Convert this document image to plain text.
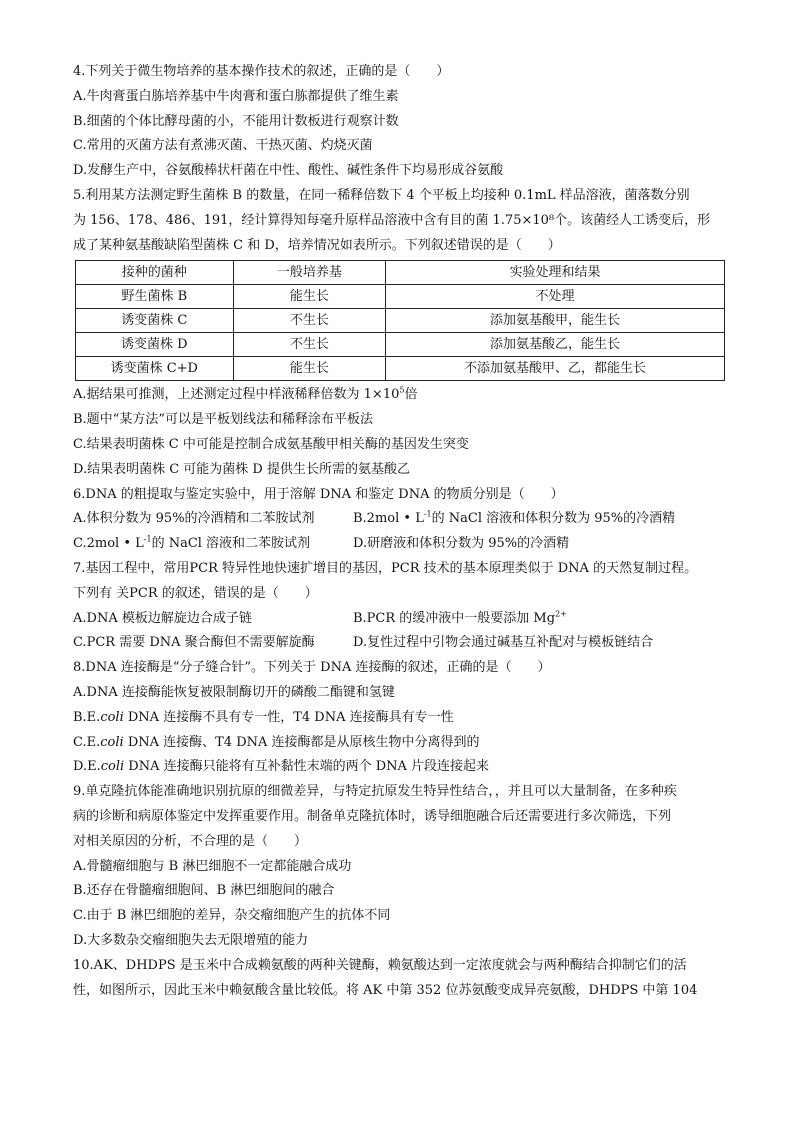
4.下列关于微生物培养的基本操作技术的叙述，正确的是（　　）
A.牛肉膏蛋白胨培养基中牛肉膏和蛋白胨都提供了维生素
B.细菌的个体比酵母菌的小，不能用计数板进行观察计数
C.常用的灭菌方法有煮沸灭菌、干热灭菌、灼烧灭菌
D.发酵生产中，谷氨酸棒状杆菌在中性、酸性、碱性条件下均易形成谷氨酸
5.利用某方法测定野生菌株 B 的数量，在同一稀释倍数下 4 个平板上均接种 0.1mL 样品溶液，菌落数分别
为 156、178、486、191，经计算得知每毫升原样品溶液中含有目的菌 1.75×10⁸个。该菌经人工诱变后，形
成了某种氨基酸缺陷型菌株 C 和 D，培养情况如表所示。下列叙述错误的是（　　）
接种的菌种	一般培养基	实验处理和结果
野生菌株 B	能生长	不处理
诱变菌株 C	不生长	添加氨基酸甲，能生长
诱变菌株 D	不生长	添加氨基酸乙，能生长
诱变菌株 C+D	能生长	不添加氨基酸甲、乙，都能生长
A.据结果可推测，上述测定过程中样液稀释倍数为 $1\times 10^5$倍
B.题中“某方法”可以是平板划线法和稀释涂布平板法
C.结果表明菌株 C 中可能是控制合成氨基酸甲相关酶的基因发生突变
D.结果表明菌株 C 可能为菌株 D 提供生长所需的氨基酸乙
6.DNA 的粗提取与鉴定实验中，用于溶解 DNA 和鉴定 DNA 的物质分别是（　　）
A.体积分数为 95%的冷酒精和二苯胺试剂	B.2mol • $L^{-1}$的 NaCl 溶液和体积分数为 95%的冷酒精
C.2mol • $L^{-1}$的 NaCl 溶液和二苯胺试剂	D.研磨液和体积分数为 95%的冷酒精
7.基因工程中，常用PCR 特异性地快速扩增目的基因，PCR 技术的基本原理类似于 DNA 的天然复制过程。
下列有 关PCR 的叙述，错误的是（　　）
A.DNA 模板边解旋边合成子链	B.PCR 的缓冲液中一般要添加 $Mg^{2+}$
C.PCR 需要 DNA 聚合酶但不需要解旋酶	D.复性过程中引物会通过碱基互补配对与模板链结合
8.DNA 连接酶是“分子缝合针”。下列关于 DNA 连接酶的叙述，正确的是（　　）
A.DNA 连接酶能恢复被限制酶切开的磷酸二酯键和氢键
B.E.coli DNA 连接酶不具有专一性，T4 DNA 连接酶具有专一性
C.E.coli DNA 连接酶、T4 DNA 连接酶都是从原核生物中分离得到的
D.E.coli DNA 连接酶只能将有互补黏性末端的两个 DNA 片段连接起来
9.单克隆抗体能准确地识别抗原的细微差异，与特定抗原发生特异性结合，，并且可以大量制备，在多种疾
病的诊断和病原体鉴定中发挥重要作用。制备单克隆抗体时，诱导细胞融合后还需要进行多次筛选，下列
对相关原因的分析，不合理的是（　　）
A.骨髓瘤细胞与 B 淋巴细胞不一定都能融合成功
B.还存在骨髓瘤细胞间、B 淋巴细胞间的融合
C.由于 B 淋巴细胞的差异，杂交瘤细胞产生的抗体不同
D.大多数杂交瘤细胞失去无限增殖的能力
10.AK、DHDPS 是玉米中合成赖氨酸的两种关键酶，赖氨酸达到一定浓度就会与两种酶结合抑制它们的活
性，如图所示，因此玉米中赖氨酸含量比较低。将 AK 中第 352 位苏氨酸变成异亮氨酸，DHDPS 中第 104
